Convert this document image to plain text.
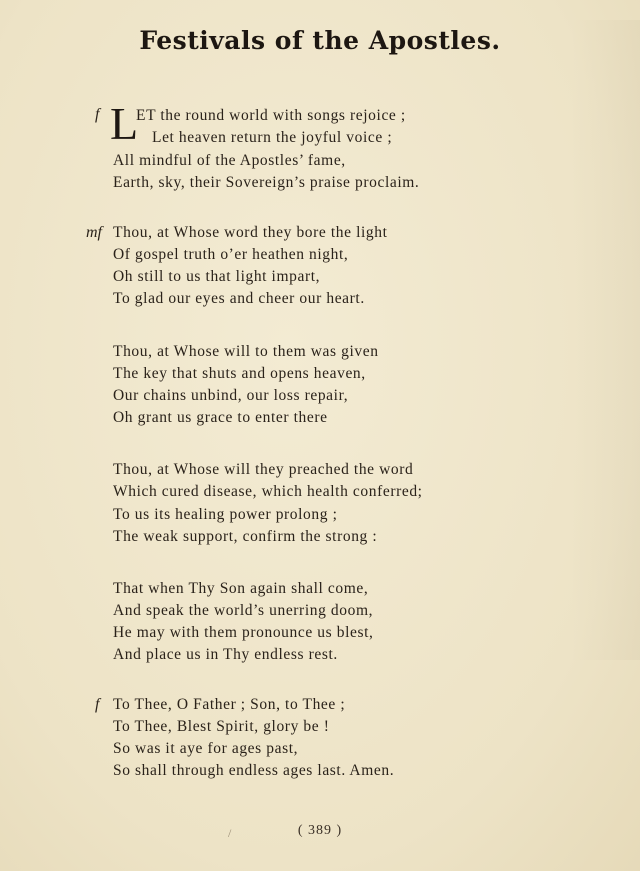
Festivals of the Apostles.
L
f ET the round world with songs rejoice ;
Let heaven return the joyful voice ;
All mindful of the Apostles’ fame,
Earth, sky, their Sovereign’s praise proclaim.
mf Thou, at Whose word they bore the light
Of gospel truth o’er heathen night,
Oh still to us that light impart,
To glad our eyes and cheer our heart.
Thou, at Whose will to them was given
The key that shuts and opens heaven,
Our chains unbind, our loss repair,
Oh grant us grace to enter there
Thou, at Whose will they preached the word
Which cured disease, which health conferred;
To us its healing power prolong ;
The weak support, confirm the strong :
That when Thy Son again shall come,
And speak the world’s unerring doom,
He may with them pronounce us blest,
And place us in Thy endless rest.
f To Thee, O Father ; Son, to Thee ;
To Thee, Blest Spirit, glory be !
So was it aye for ages past,
So shall through endless ages last. Amen.
/	( 389 )
